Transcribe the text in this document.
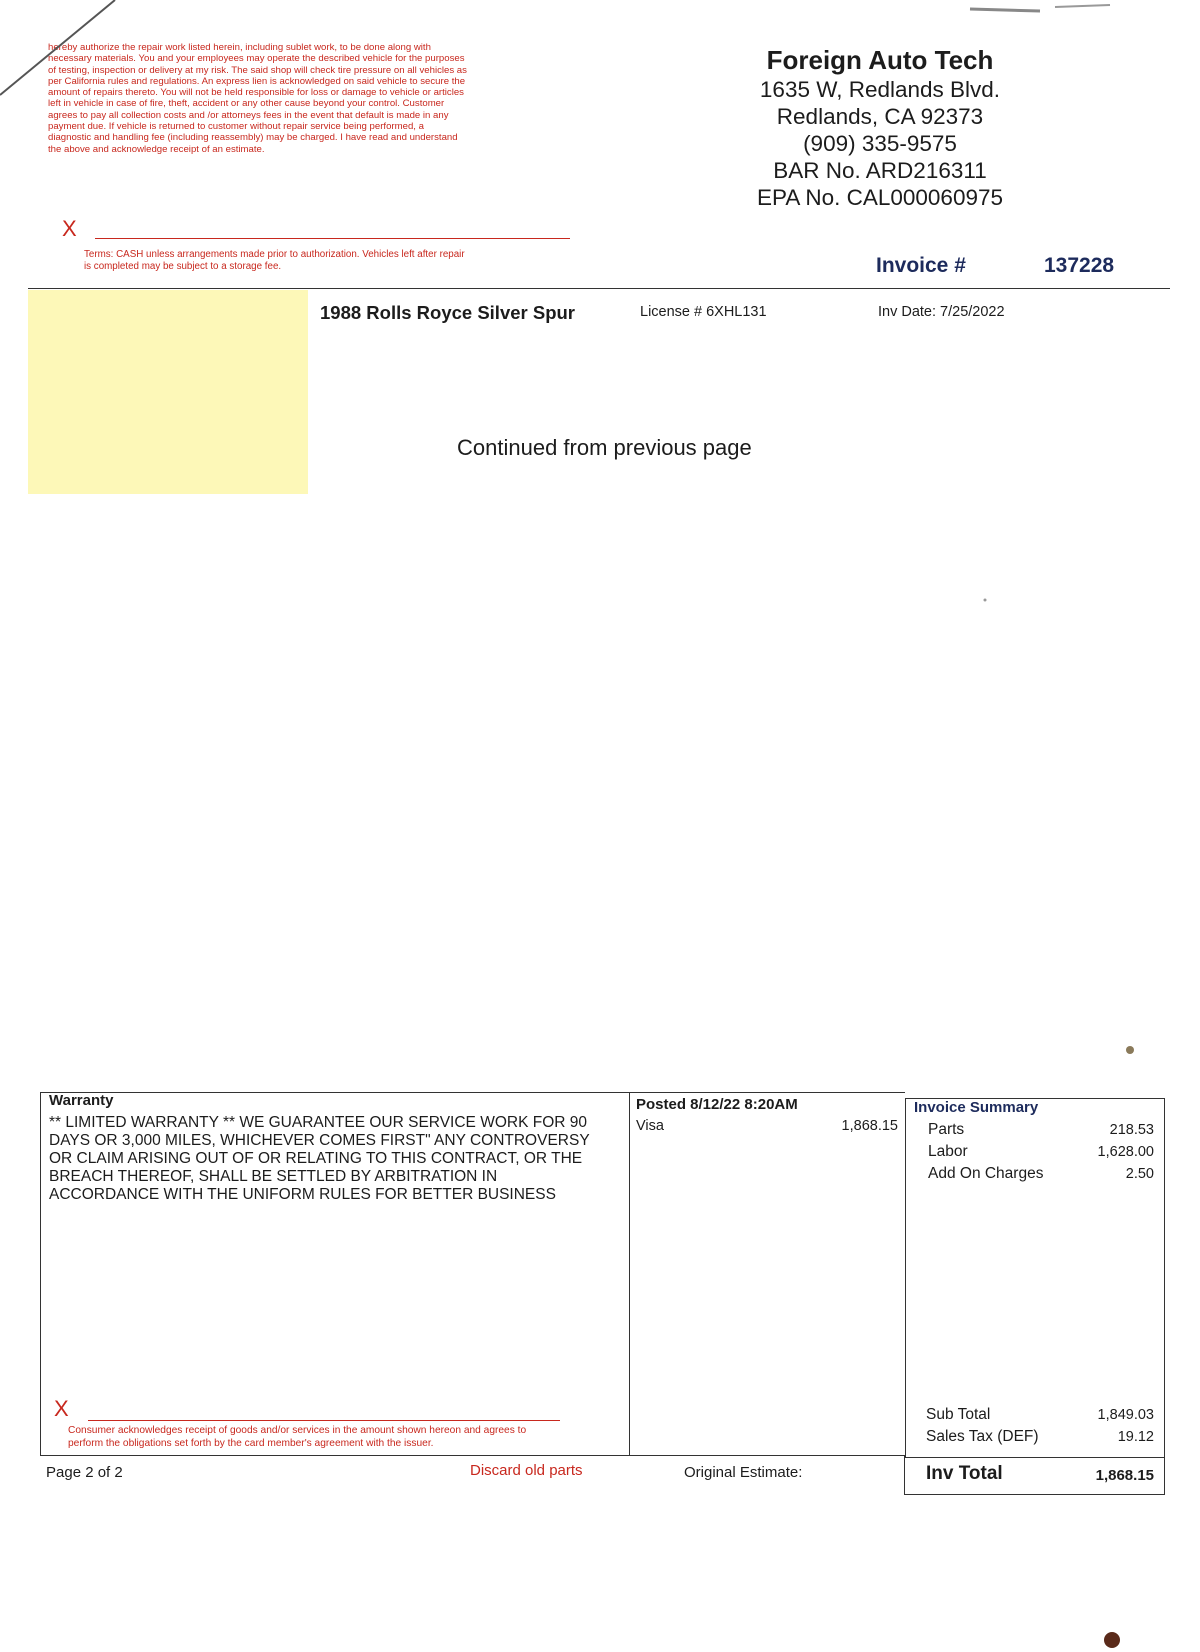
hereby authorize the repair work listed herein, including sublet work, to be done along with
necessary materials. You and your employees may operate the described vehicle for the purposes
of testing, inspection or delivery at my risk. The said shop will check tire pressure on all vehicles as
per California rules and regulations. An express lien is acknowledged on said vehicle to secure the
amount of repairs thereto. You will not be held responsible for loss or damage to vehicle or articles
left in vehicle in case of fire, theft, accident or any other cause beyond your control. Customer
agrees to pay all collection costs and /or attorneys fees in the event that default is made in any
payment due. If vehicle is returned to customer without repair service being performed, a
diagnostic and handling fee (including reassembly) may be charged. I have read and understand
the above and acknowledge receipt of an estimate.
X
Terms: CASH unless arrangements made prior to authorization. Vehicles left after repair
is completed may be subject to a storage fee.
Foreign Auto Tech
1635 W, Redlands Blvd.
Redlands, CA 92373
(909) 335-9575
BAR No. ARD216311
EPA No. CAL000060975
Invoice #	137228
1988 Rolls Royce Silver Spur	License # 6XHL131	Inv Date: 7/25/2022
Continued from previous page
Warranty
** LIMITED WARRANTY ** WE GUARANTEE OUR SERVICE WORK FOR 90
DAYS OR 3,000 MILES, WHICHEVER COMES FIRST" ANY CONTROVERSY
OR CLAIM ARISING OUT OF OR RELATING TO THIS CONTRACT, OR THE
BREACH THEREOF, SHALL BE SETTLED BY ARBITRATION IN
ACCORDANCE WITH THE UNIFORM RULES FOR BETTER BUSINESS
X
Consumer acknowledges receipt of goods and/or services in the amount shown hereon and agrees to
perform the obligations set forth by the card member's agreement with the issuer.
Posted 8/12/22 8:20AM
Visa	1,868.15
Invoice Summary
Parts	218.53
Labor	1,628.00
Add On Charges	2.50
Sub Total	1,849.03
Sales Tax (DEF)	19.12
Inv Total	1,868.15
Page 2 of 2	Discard old parts	Original Estimate:
